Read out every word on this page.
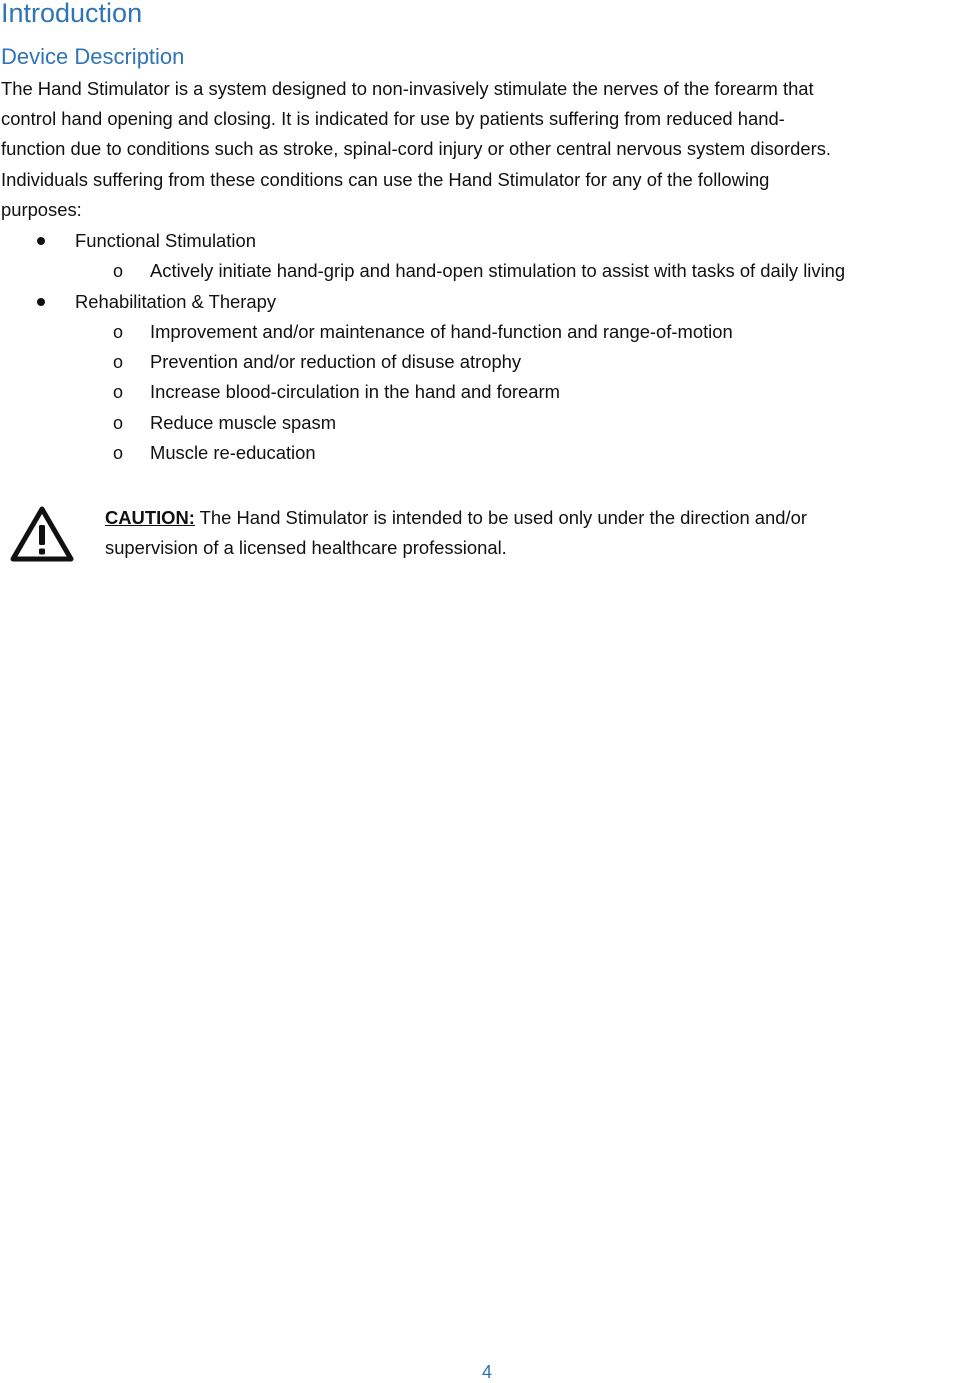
Introduction
Device Description
The Hand Stimulator is a system designed to non-invasively stimulate the nerves of the forearm that
control hand opening and closing. It is indicated for use by patients suffering from reduced hand-
function due to conditions such as stroke, spinal-cord injury or other central nervous system disorders.
Individuals suffering from these conditions can use the Hand Stimulator for any of the following
purposes:
Functional Stimulation
o Actively initiate hand-grip and hand-open stimulation to assist with tasks of daily living
Rehabilitation & Therapy
o Improvement and/or maintenance of hand-function and range-of-motion
o Prevention and/or reduction of disuse atrophy
o Increase blood-circulation in the hand and forearm
o Reduce muscle spasm
o Muscle re-education
CAUTION: The Hand Stimulator is intended to be used only under the direction and/or
supervision of a licensed healthcare professional.
4
